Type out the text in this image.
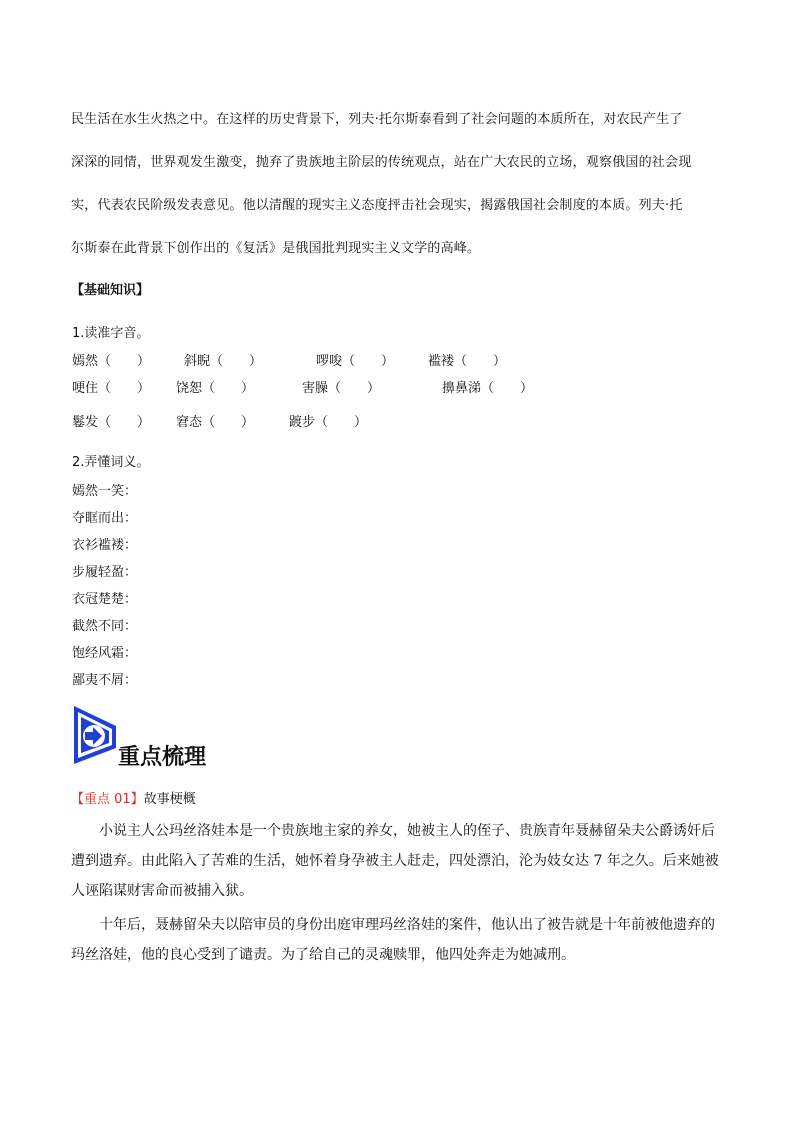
民生活在水生火热之中。在这样的历史背景下，列夫·托尔斯泰看到了社会问题的本质所在，对农民产生了
深深的同情，世界观发生激变，抛弃了贵族地主阶层的传统观点，站在广大农民的立场，观察俄国的社会现
实，代表农民阶级发表意见。他以清醒的现实主义态度抨击社会现实，揭露俄国社会制度的本质。列夫·托
尔斯泰在此背景下创作出的《复活》是俄国批判现实主义文学的高峰。
【基础知识】
1.读准字音。
嫣然（　　）	斜睨（　　）	啰唆（　　）	褴褛（　　）
哽住（　　） 饶恕（　　）	害臊（　　）	擤鼻涕（　　）
鬈发（　　） 窘态（　　）	踱步（　　）
2.弄懂词义。
嫣然一笑：
夺眶而出：
衣衫褴褛：
步履轻盈：
衣冠楚楚：
截然不同：
饱经风霜：
鄙夷不屑：
重点梳理
【重点 01】故事梗概
　　小说主人公玛丝洛娃本是一个贵族地主家的养女，她被主人的侄子、贵族青年聂赫留朵夫公爵诱奸后
遭到遗弃。由此陷入了苦难的生活，她怀着身孕被主人赶走，四处漂泊，沦为妓女达 7 年之久。后来她被
人诬陷谋财害命而被捕入狱。
　　十年后，聂赫留朵夫以陪审员的身份出庭审理玛丝洛娃的案件，他认出了被告就是十年前被他遗弃的
玛丝洛娃，他的良心受到了谴责。为了给自己的灵魂赎罪，他四处奔走为她减刑。
